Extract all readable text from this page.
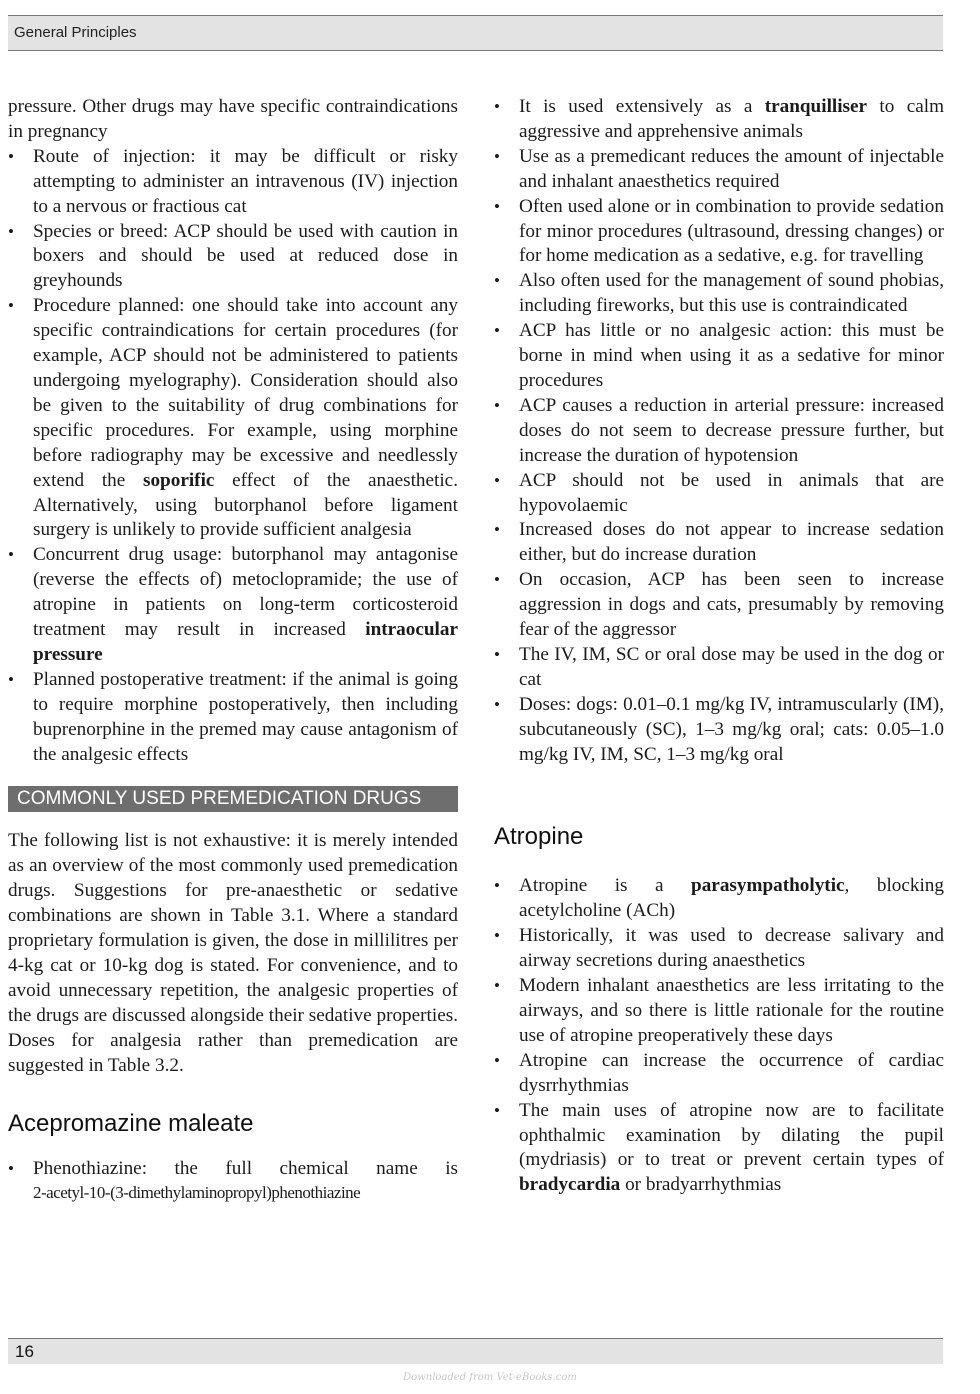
General Principles

pressure. Other drugs may have specific contraindications in pregnancy

• Route of injection: it may be difficult or risky attempting to administer an intravenous (IV) injection to a nervous or fractious cat
• Species or breed: ACP should be used with caution in boxers and should be used at reduced dose in greyhounds
• Procedure planned: one should take into account any specific contraindications for certain procedures (for example, ACP should not be administered to patients undergoing myelography). Consideration should also be given to the suitability of drug combinations for specific procedures. For example, using morphine before radiography may be excessive and needlessly extend the soporific effect of the anaesthetic. Alternatively, using butorphanol before ligament surgery is unlikely to provide sufficient analgesia
• Concurrent drug usage: butorphanol may antagonise (reverse the effects of) metoclopramide; the use of atropine in patients on long-term corticosteroid treatment may result in increased intraocular pressure
• Planned postoperative treatment: if the animal is going to require morphine postoperatively, then including buprenorphine in the premed may cause antagonism of the analgesic effects
COMMONLY USED PREMEDICATION DRUGS

The following list is not exhaustive: it is merely intended as an overview of the most commonly used premedication drugs. Suggestions for pre-anaesthetic or sedative combinations are shown in Table 3.1. Where a standard proprietary formulation is given, the dose in millilitres per 4-kg cat or 10-kg dog is stated. For convenience, and to avoid unnecessary repetition, the analgesic properties of the drugs are discussed alongside their sedative properties. Doses for analgesia rather than premedication are suggested in Table 3.2.

Acepromazine maleate
• Phenothiazine: the full chemical name is
2-acetyl-10-(3-dimethylaminopropyl)phenothiazine
• It is used extensively as a tranquilliser to calm aggressive and apprehensive animals
• Use as a premedicant reduces the amount of injectable and inhalant anaesthetics required
• Often used alone or in combination to provide sedation for minor procedures (ultrasound, dressing changes) or for home medication as a sedative, e.g. for travelling
• Also often used for the management of sound phobias, including fireworks, but this use is contraindicated
• ACP has little or no analgesic action: this must be borne in mind when using it as a sedative for minor procedures
• ACP causes a reduction in arterial pressure: increased doses do not seem to decrease pressure further, but increase the duration of hypotension
• ACP should not be used in animals that are hypovolaemic
• Increased doses do not appear to increase sedation either, but do increase duration
• On occasion, ACP has been seen to increase aggression in dogs and cats, presumably by removing fear of the aggressor
• The IV, IM, SC or oral dose may be used in the dog or cat
• Doses: dogs: 0.01–0.1 mg/kg IV, intramuscularly (IM), subcutaneously (SC), 1–3 mg/kg oral; cats: 0.05–1.0 mg/kg IV, IM, SC, 1–3 mg/kg oral
Atropine
• Atropine is a parasympatholytic, blocking acetylcholine (ACh)
• Historically, it was used to decrease salivary and airway secretions during anaesthetics
• Modern inhalant anaesthetics are less irritating to the airways, and so there is little rationale for the routine use of atropine preoperatively these days
• Atropine can increase the occurrence of cardiac dysrrhythmias
• The main uses of atropine now are to facilitate ophthalmic examination by dilating the pupil (mydriasis) or to treat or prevent certain types of bradycardia or bradyarrhythmias
16
Downloaded from Vet-eBooks.com
